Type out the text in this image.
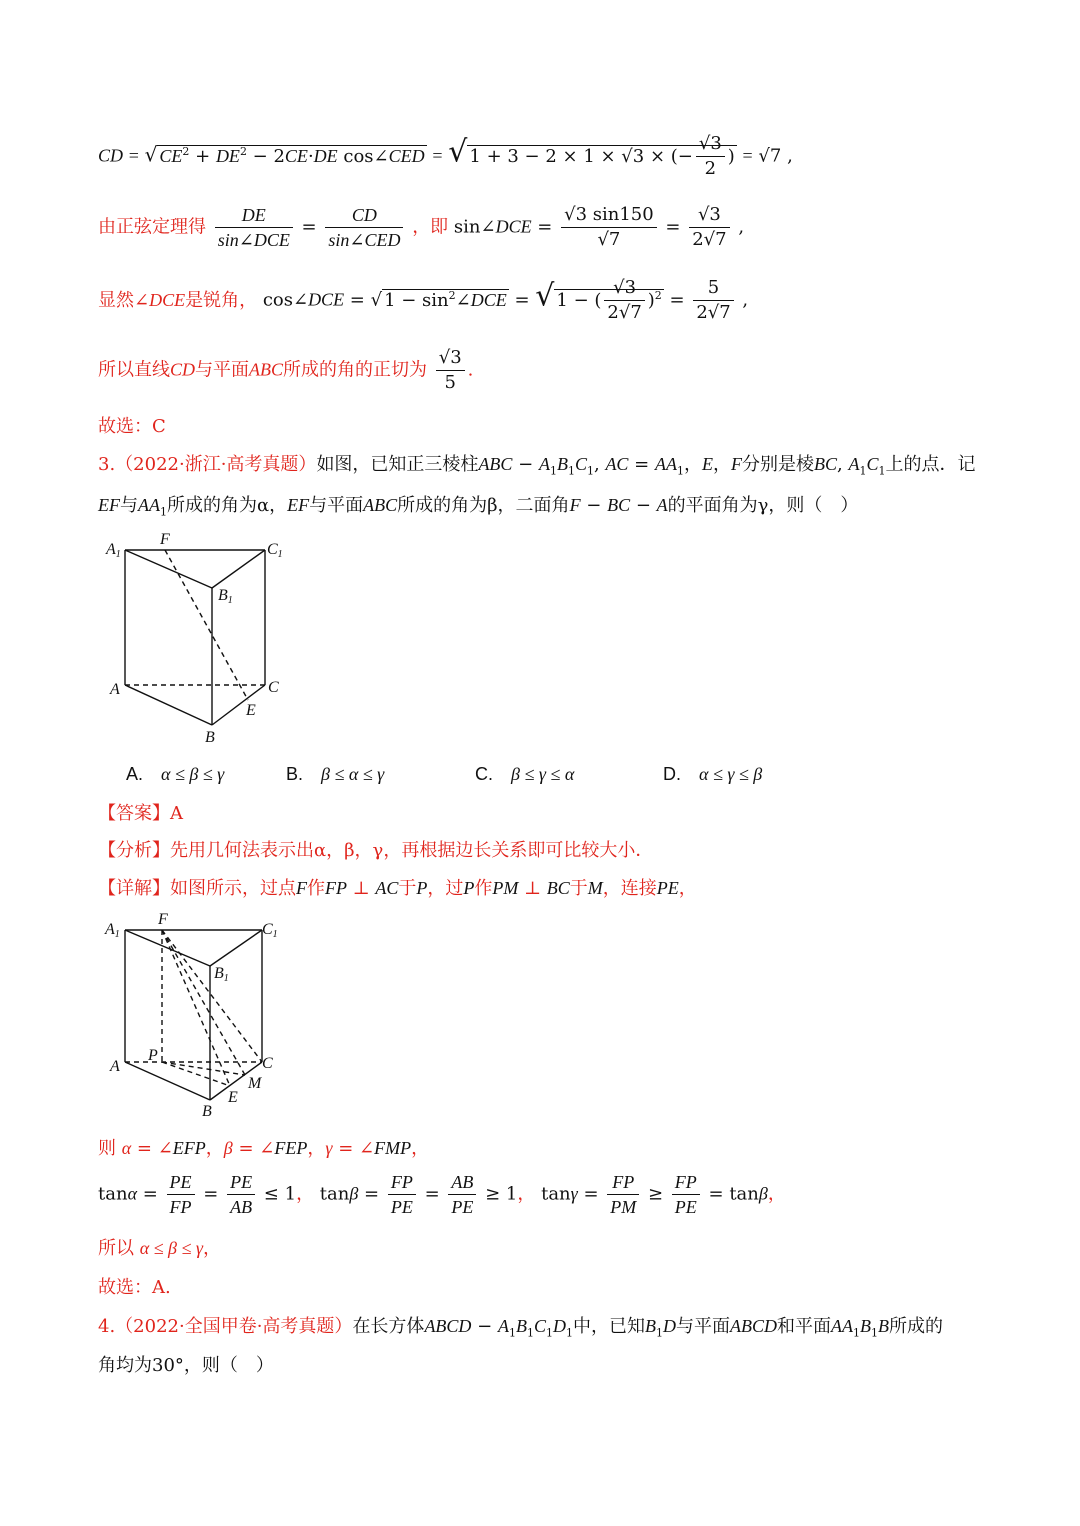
CD = √ $CE^2 + DE^2 - 2CE\cdot DE$ cos∠CED = √ 1 + 3 − 2 × 1 × √3 × (− $\frac{√3}{2}$ ) = √7 ,
由正弦定理得 $\frac{DE}{\text{sin∠DCE}} = \frac{CD}{\text{sin∠CED}}$ ，即 sin∠DCE = $\frac{√3 \sin 150}{√7} = \frac{√3}{2√7}$ ,
显然∠DCE是锐角， cos∠DCE = √ $1 - \sin^2\angle DCE$ = √ 1 − ( $\frac{√3}{2√7} )^2 = \frac{5}{2√7}$ ,
所以直线CD与平面ABC所成的角的正切为 $\frac{√3}{5}$ .
故选：C
3.（2022·浙江·高考真题）如图，已知正三棱柱ABC − $A_1B_1C_1$, AC = $AA_1$，E，F分别是棱BC, $A_1C_1$上的点．记
EF与$AA_1$所成的角为α，EF与平面ABC所成的角为β，二面角F − BC − A的平面角为γ，则（　）
A1
F
C1
B1
A	C
E
B
A.　α ≤ β ≤ γ	B.　β ≤ α ≤ γ	C.　β ≤ γ ≤ α	D.　α ≤ γ ≤ β
【答案】A
【分析】先用几何法表示出α，β，γ，再根据边长关系即可比较大小．
【详解】如图所示，过点F作FP ⊥ AC于P，过P作PM ⊥ BC于M，连接PE，
A1
F
C1
B1
P
A	C
M
E
B
则 α = ∠EFP，β = ∠FEP，γ = ∠FMP，
$\tan\alpha = \frac{PE}{FP} = \frac{PE}{AB} \le 1$， $\tan\beta = \frac{FP}{PE} = \frac{AB}{PE} \ge 1$， $\tan\gamma = \frac{FP}{PM} \ge \frac{FP}{PE} = \tan\beta$，
所以 α ≤ β ≤ γ，
故选：A.
4.（2022·全国甲卷·高考真题）在长方体ABCD − $A_1B_1C_1D_1$中，已知$B_1D$与平面ABCD和平面$AA_1B_1B$所成的
角均为30°，则（　）
